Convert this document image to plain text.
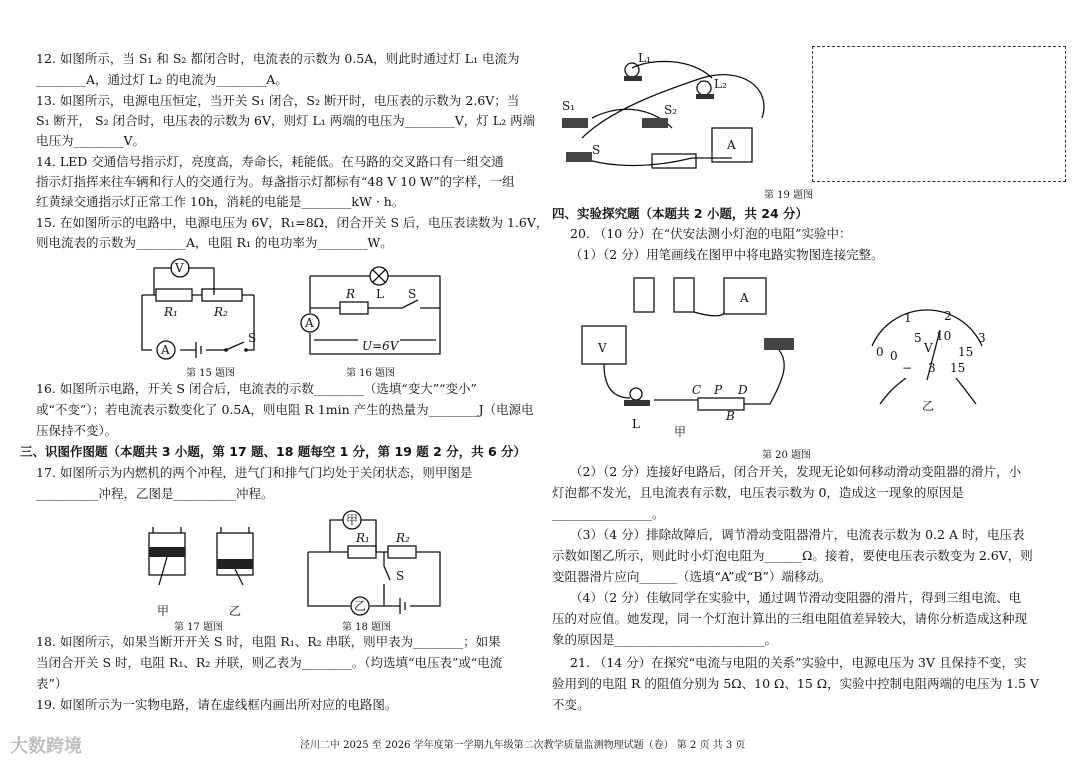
12. 如图所示，当 S₁ 和 S₂ 都闭合时，电流表的示数为 0.5A，则此时通过灯 L₁ 电流为
________A，通过灯 L₂ 的电流为________A。
13. 如图所示，电源电压恒定，当开关 S₁ 闭合，S₂ 断开时，电压表的示数为 2.6V；当
S₁ 断开， S₂ 闭合时，电压表的示数为 6V，则灯 L₁ 两端的电压为________V，灯 L₂ 两端
电压为________V。
14. LED 交通信号指示灯，亮度高，寿命长，耗能低。在马路的交叉路口有一组交通
指示灯指挥来往车辆和行人的交通行为。每盏指示灯都标有“48 V 10 W”的字样，一组
红黄绿交通指示灯正常工作 10h，消耗的电能是________kW · h。
15. 在如图所示的电路中，电源电压为 6V，R₁=8Ω，闭合开关 S 后，电压表读数为 1.6V，
则电流表的示数为________A，电阻 R₁ 的电功率为________W。
V
A
R₁	R₂
S
第 15 题图
L
R	S
A
U=6V
第 16 题图
16. 如图所示电路，开关 S 闭合后，电流表的示数________（选填“变大”“变小”
或“不变”）；若电流表示数变化了 0.5A，则电阻 R 1min 产生的热量为________J（电源电
压保持不变）。
三、识图作图题（本题共 3 小题，第 17 题、18 题每空 1 分，第 19 题 2 分，共 6 分）
17. 如图所示为内燃机的两个冲程，进气门和排气门均处于关闭状态，则甲图是
__________冲程，乙图是__________冲程。
甲	乙
第 17 题图
甲
R₁ R₂
S
乙
第 18 题图
18. 如图所示，如果当断开开关 S 时，电阻 R₁、R₂ 串联，则甲表为________；如果
当闭合开关 S 时，电阻 R₁、R₂ 并联，则乙表为________。（均选填“电压表”或“电流
表”）
19. 如图所示为一实物电路，请在虚线框内画出所对应的电路图。
L₁
L₂
S₁	S₂
S	A
第 19 题图
四、实验探究题（本题共 2 小题，共 24 分）
20. （10 分）在“伏安法测小灯泡的电阻”实验中：
（1）（2 分）用笔画线在图甲中将电路实物图连接完整。
A
V
L
C P D
B
甲
0
1	2
3
0
5 10
15
V
− 3 15
乙
第 20 题图
（2）（2 分）连接好电路后，闭合开关，发现无论如何移动滑动变阻器的滑片，小
灯泡都不发光，且电流表有示数，电压表示数为 0，造成这一现象的原因是
________________。
（3）（4 分）排除故障后，调节滑动变阻器滑片，电流表示数为 0.2 A 时，电压表
示数如图乙所示，则此时小灯泡电阻为______Ω。接着，要使电压表示数变为 2.6V，则
变阻器滑片应向______（选填“A”或“B”）端移动。
（4）（2 分）佳敏同学在实验中，通过调节滑动变阻器的滑片，得到三组电流、电
压的对应值。她发现，同一个灯泡计算出的三组电阻值差异较大，请你分析造成这种现
象的原因是________________________。
21. （14 分）在探究“电流与电阻的关系”实验中，电源电压为 3V 且保持不变，实
验用到的电阻 R 的阻值分别为 5Ω、10 Ω、15 Ω，实验中控制电阻两端的电压为 1.5 V
不变。
泾川二中 2025 至 2026 学年度第一学期九年级第二次教学质量监测物理试题（卷） 第 2 页 共 3 页
大数跨境
